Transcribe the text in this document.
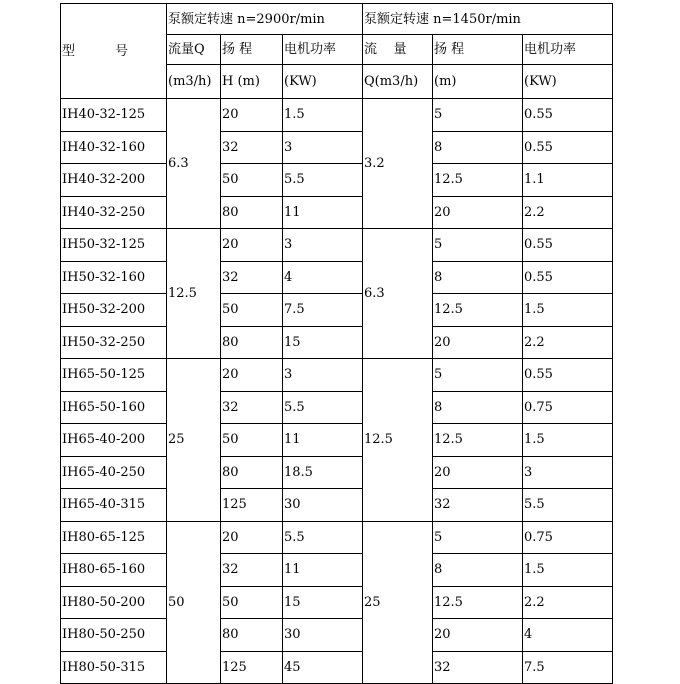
型 号	泵额定转速 n=2900r/min			泵额定转速 n=1450r/min		
	流量Q	扬 程	电机功率	流    量	扬 程	电机功率
	(m3/h)	H (m)	(KW)	Q(m3/h)	(m)	(KW)
IH40-32-125	6.3	20	1.5	3.2	5	0.55
IH40-32-160		32	3		8	0.55
IH40-32-200		50	5.5		12.5	1.1
IH40-32-250		80	11		20	2.2
IH50-32-125	12.5	20	3	6.3	5	0.55
IH50-32-160		32	4		8	0.55
IH50-32-200		50	7.5		12.5	1.5
IH50-32-250		80	15		20	2.2
IH65-50-125	25	20	3	12.5	5	0.55
IH65-50-160		32	5.5		8	0.75
IH65-40-200		50	11		12.5	1.5
IH65-40-250		80	18.5		20	3
IH65-40-315		125	30		32	5.5
IH80-65-125	50	20	5.5	25	5	0.75
IH80-65-160		32	11		8	1.5
IH80-50-200		50	15		12.5	2.2
IH80-50-250		80	30		20	4
IH80-50-315		125	45		32	7.5
